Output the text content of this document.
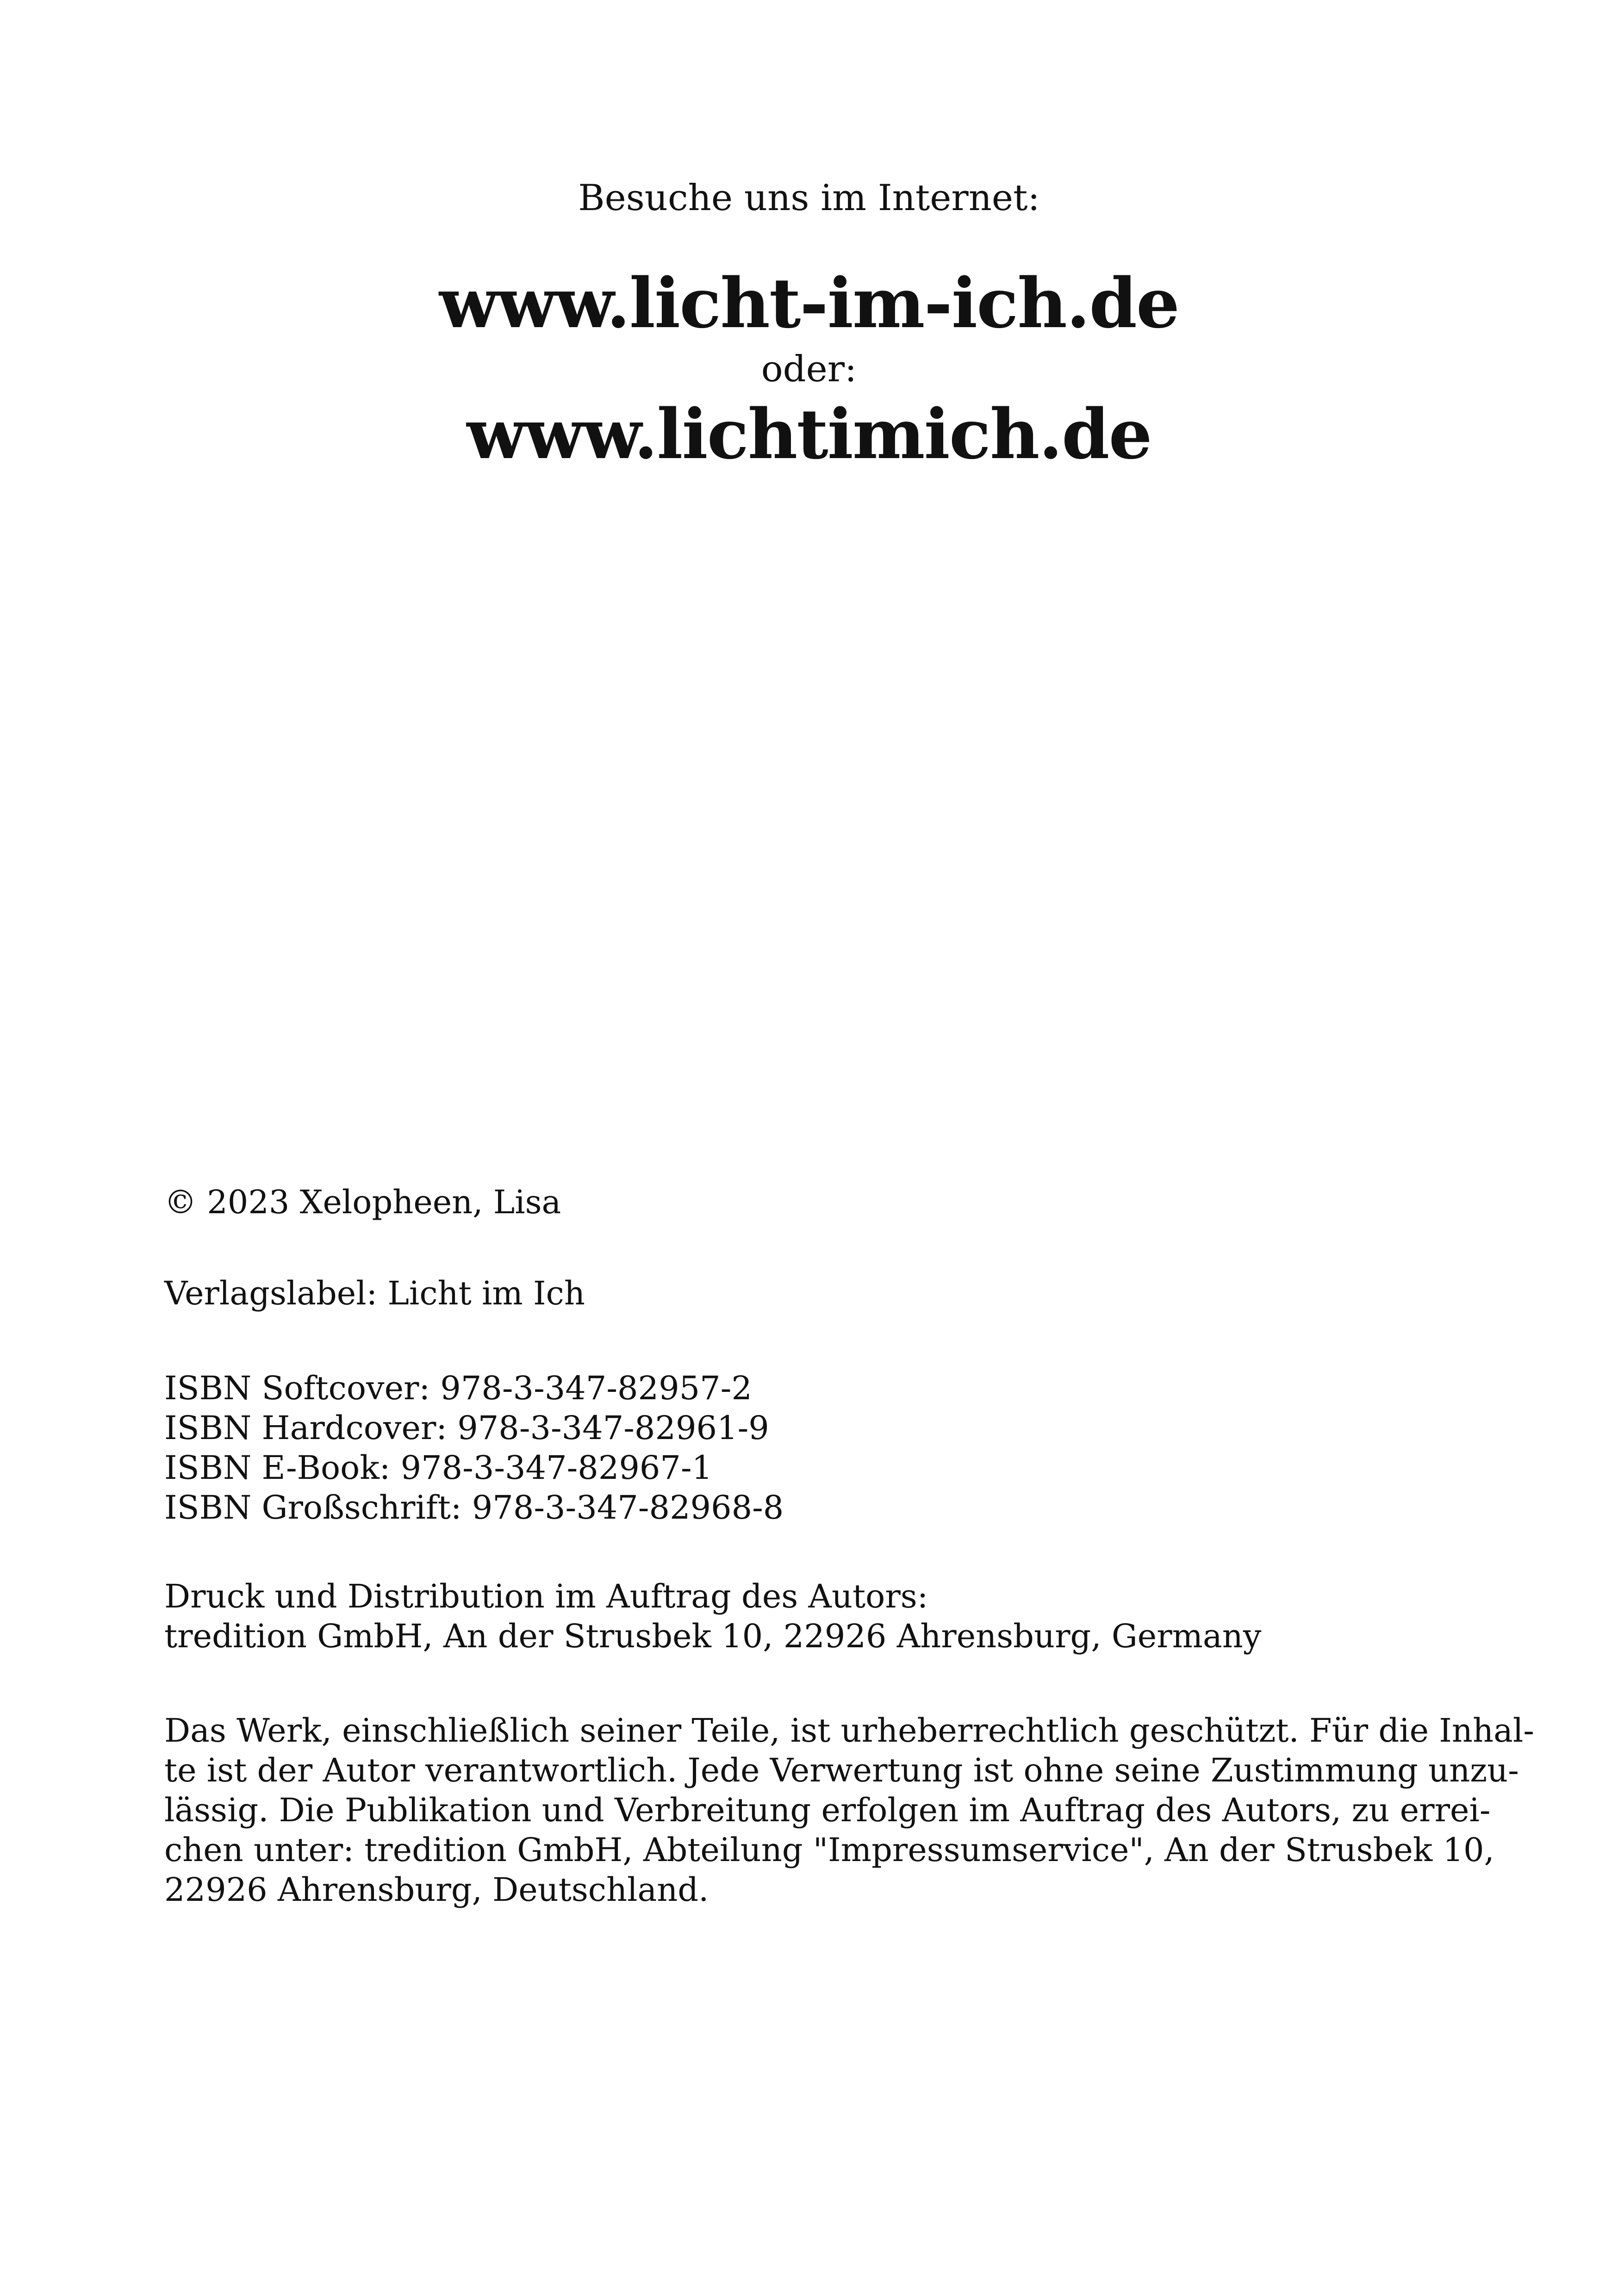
Besuche uns im Internet:
www.licht-im-ich.de
oder:
www.lichtimich.de
© 2023 Xelopheen, Lisa
Verlagslabel: Licht im Ich
ISBN Softcover: 978-3-347-82957-2
ISBN Hardcover: 978-3-347-82961-9
ISBN E-Book: 978-3-347-82967-1
ISBN Großschrift: 978-3-347-82968-8
Druck und Distribution im Auftrag des Autors:
tredition GmbH, An der Strusbek 10, 22926 Ahrensburg, Germany
Das Werk, einschließlich seiner Teile, ist urheberrechtlich geschützt. Für die Inhal-
te ist der Autor verantwortlich. Jede Verwertung ist ohne seine Zustimmung unzu-
lässig. Die Publikation und Verbreitung erfolgen im Auftrag des Autors, zu errei-
chen unter: tredition GmbH, Abteilung "Impressumservice", An der Strusbek 10,
22926 Ahrensburg, Deutschland.
